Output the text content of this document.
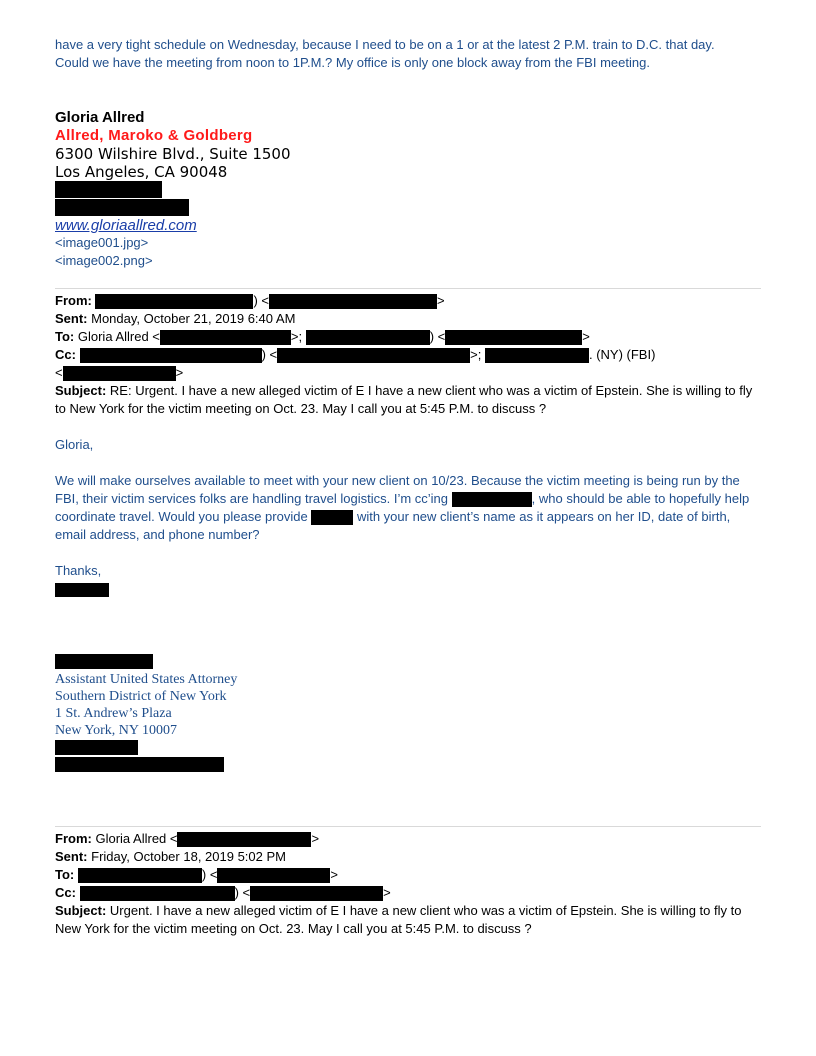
have a very tight schedule on Wednesday, because I need to be on a 1 or at the latest 2 P.M. train to D.C. that day.
Could we have the meeting from noon to 1P.M.? My office is only one block away from the FBI meeting.
Gloria Allred
Allred, Maroko & Goldberg
6300 Wilshire Blvd., Suite 1500
Los Angeles, CA 90048
www.gloriaallred.com
<image001.jpg>
<image002.png>
From:	) <	>
Sent: Monday, October 21, 2019 6:40 AM
To: Gloria Allred <	>;	) <	>
Cc:	) <	>;	. (NY) (FBI)
<	>
Subject: RE: Urgent. I have a new alleged victim of E I have a new client who was a victim of Epstein. She is willing to fly to New York for the victim meeting on Oct. 23. May I call you at 5:45 P.M. to discuss ?
Gloria,
We will make ourselves available to meet with your new client on 10/23. Because the victim meeting is being run by the FBI, their victim services folks are handling travel logistics. I’m cc’ing	, who should be able to hopefully help coordinate travel. Would you please provide	with your new client’s name as it appears on her ID, date of birth, email address, and phone number?
Thanks,
Assistant United States Attorney
Southern District of New York
1 St. Andrew’s Plaza
New York, NY 10007
From: Gloria Allred <	>
Sent: Friday, October 18, 2019 5:02 PM
To:	) <	>
Cc:	) <	>
Subject: Urgent. I have a new alleged victim of E I have a new client who was a victim of Epstein. She is willing to fly to New York for the victim meeting on Oct. 23. May I call you at 5:45 P.M. to discuss ?
